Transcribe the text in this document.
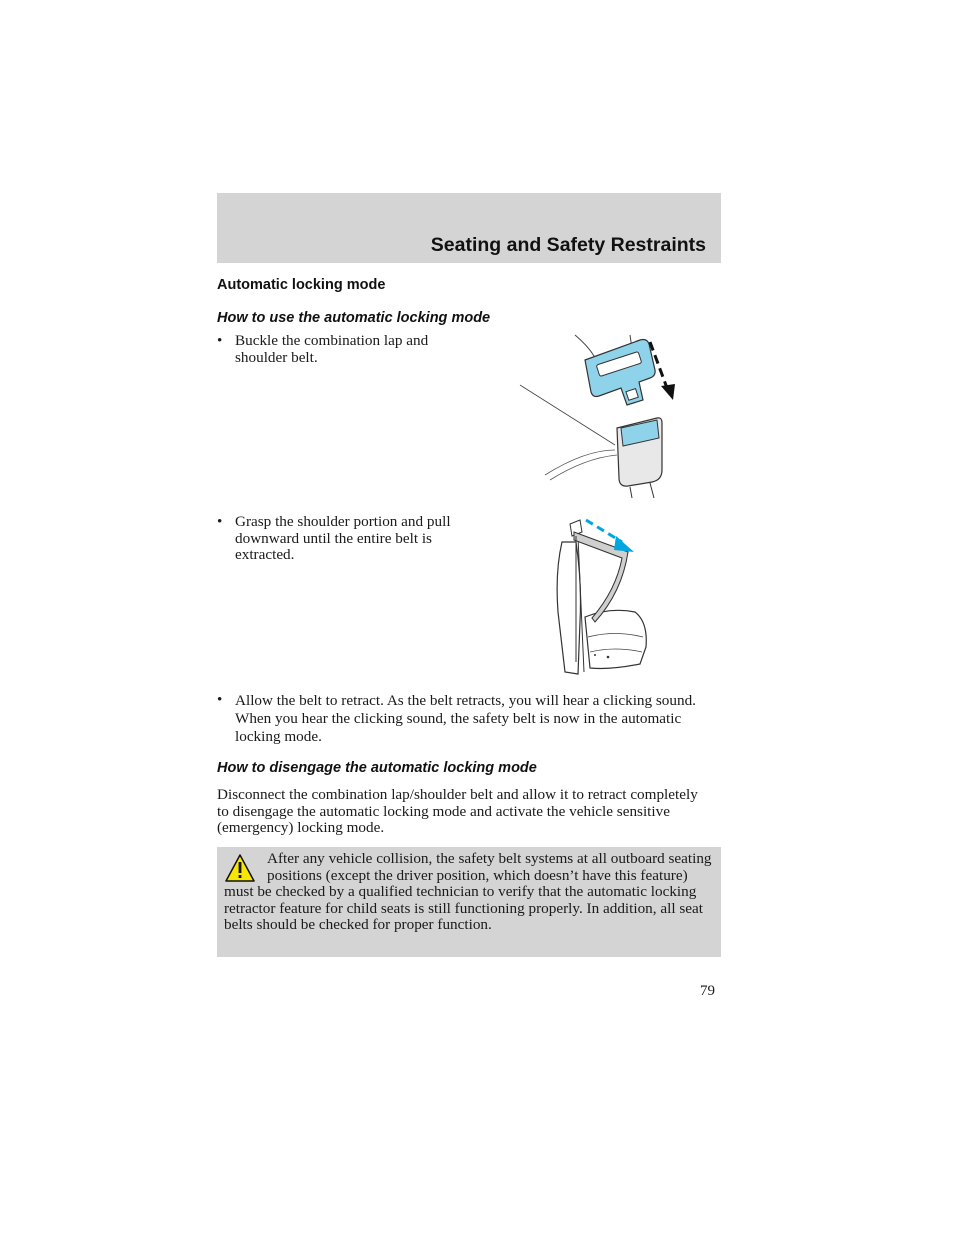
Seating and Safety Restraints
Automatic locking mode
How to use the automatic locking mode
• Buckle the combination lap and shoulder belt.
• Grasp the shoulder portion and pull downward until the entire belt is extracted.
• Allow the belt to retract. As the belt retracts, you will hear a clicking sound. When you hear the clicking sound, the safety belt is now in the automatic locking mode.
How to disengage the automatic locking mode
Disconnect the combination lap/shoulder belt and allow it to retract completely to disengage the automatic locking mode and activate the vehicle sensitive (emergency) locking mode.
After any vehicle collision, the safety belt systems at all outboard seating positions (except the driver position, which doesn’t have this feature) must be checked by a qualified technician to verify that the automatic locking retractor feature for child seats is still functioning properly. In addition, all seat belts should be checked for proper function.
79
